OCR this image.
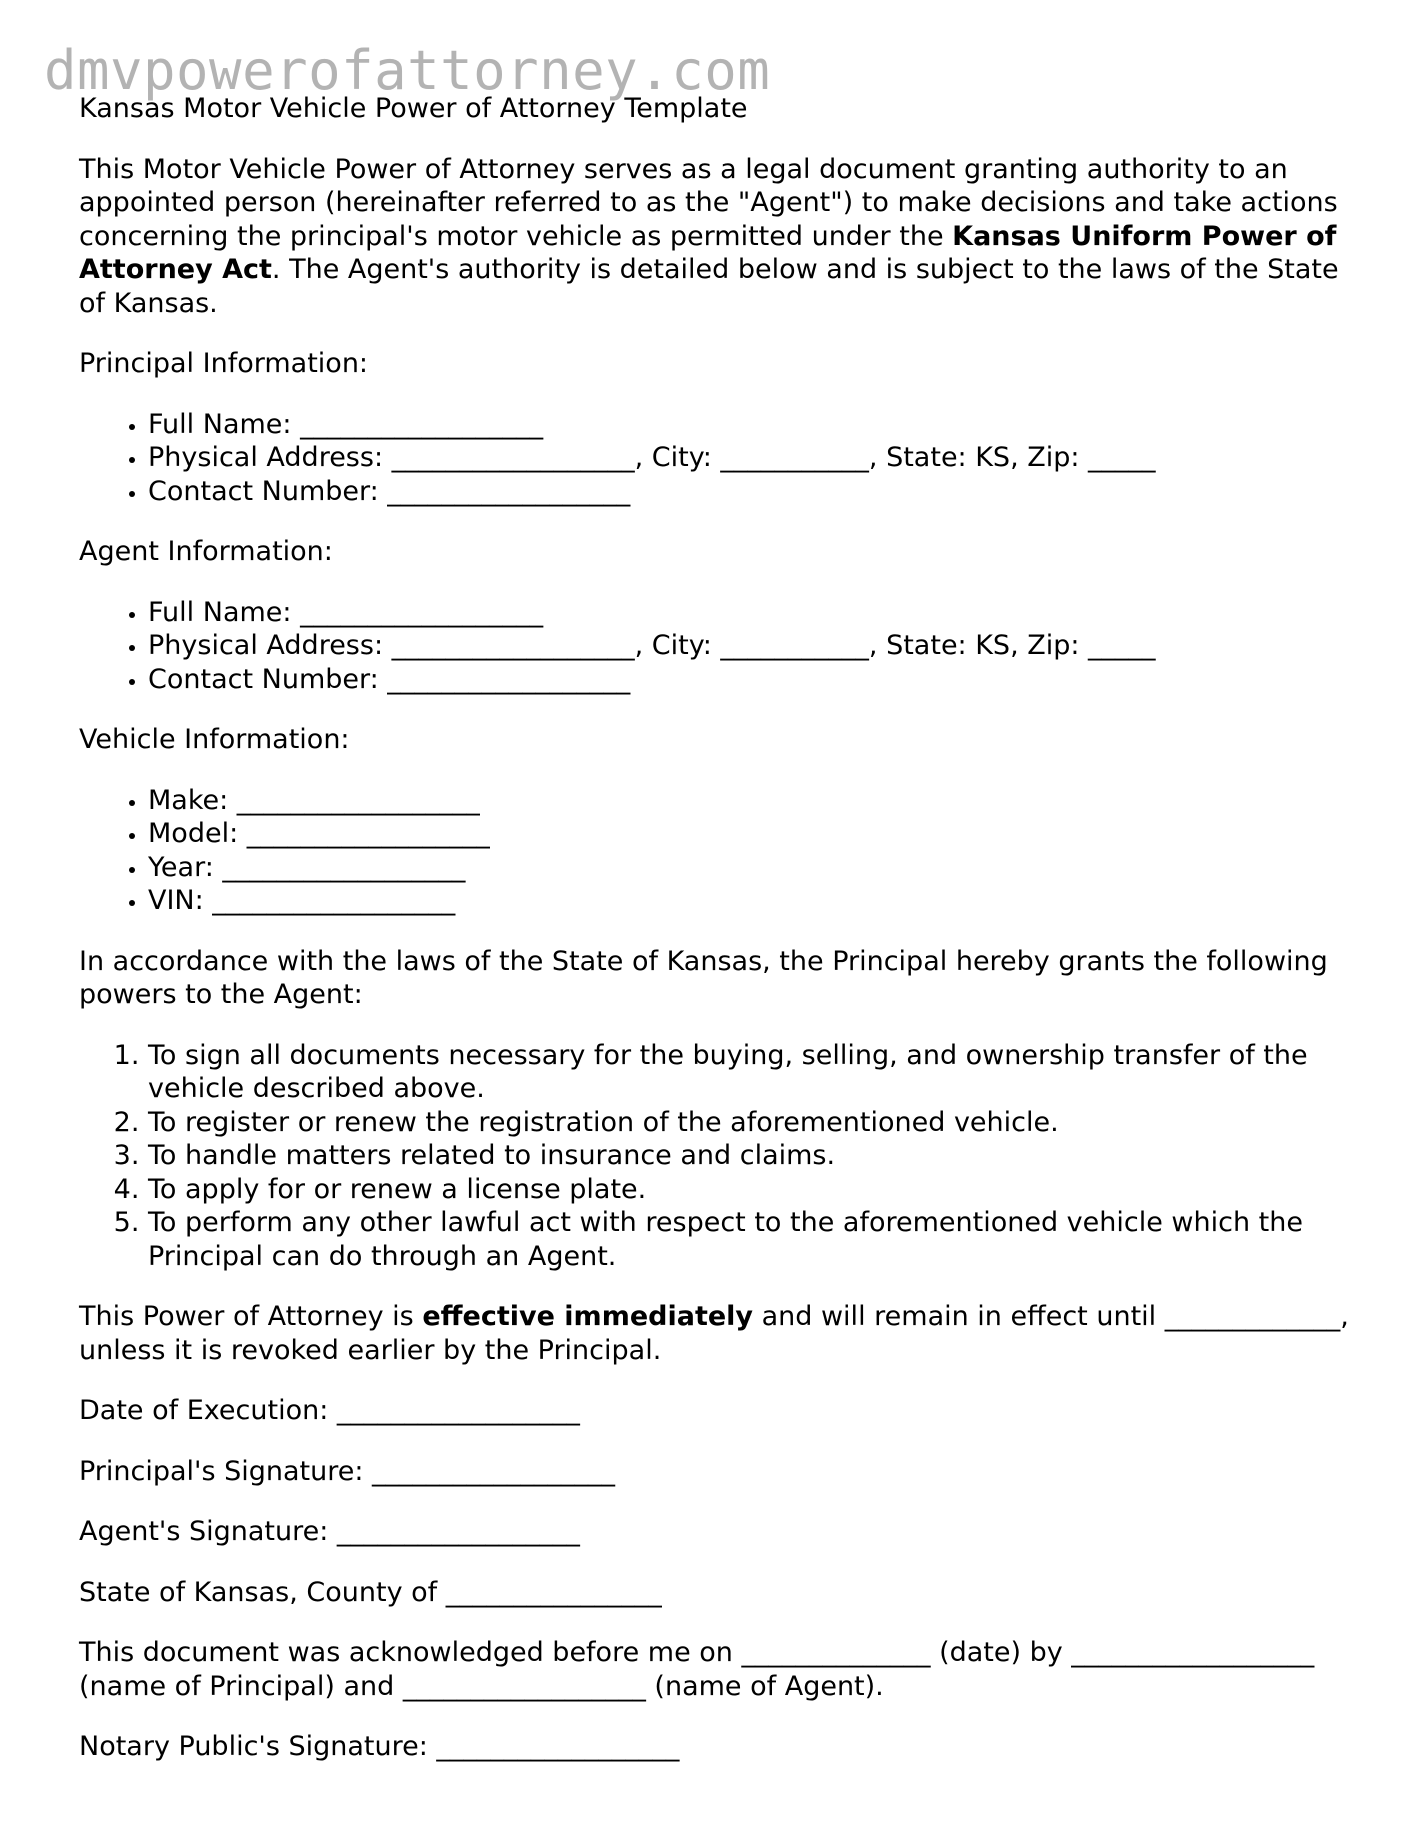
dmvpowerofattorney.com
Kansas Motor Vehicle Power of Attorney Template

This Motor Vehicle Power of Attorney serves as a legal document granting authority to an appointed person (hereinafter referred to as the "Agent") to make decisions and take actions concerning the principal's motor vehicle as permitted under the Kansas Uniform Power of Attorney Act. The Agent's authority is detailed below and is subject to the laws of the State of Kansas.

Principal Information:
• Full Name: __________________
• Physical Address: __________________, City: ___________, State: KS, Zip: _____
• Contact Number: __________________
Agent Information:
• Full Name: __________________
• Physical Address: __________________, City: ___________, State: KS, Zip: _____
• Contact Number: __________________
Vehicle Information:
• Make: __________________
• Model: __________________
• Year: __________________
• VIN: __________________

In accordance with the laws of the State of Kansas, the Principal hereby grants the following powers to the Agent:

1. To sign all documents necessary for the buying, selling, and ownership transfer of the vehicle described above.
2. To register or renew the registration of the aforementioned vehicle.
3. To handle matters related to insurance and claims.
4. To apply for or renew a license plate.
5. To perform any other lawful act with respect to the aforementioned vehicle which the Principal can do through an Agent.

This Power of Attorney is effective immediately and will remain in effect until _____________, unless it is revoked earlier by the Principal.

Date of Execution: __________________

Principal's Signature: __________________

Agent's Signature: __________________

State of Kansas, County of ________________

This document was acknowledged before me on ______________ (date) by __________________ (name of Principal) and __________________ (name of Agent).

Notary Public's Signature: __________________
